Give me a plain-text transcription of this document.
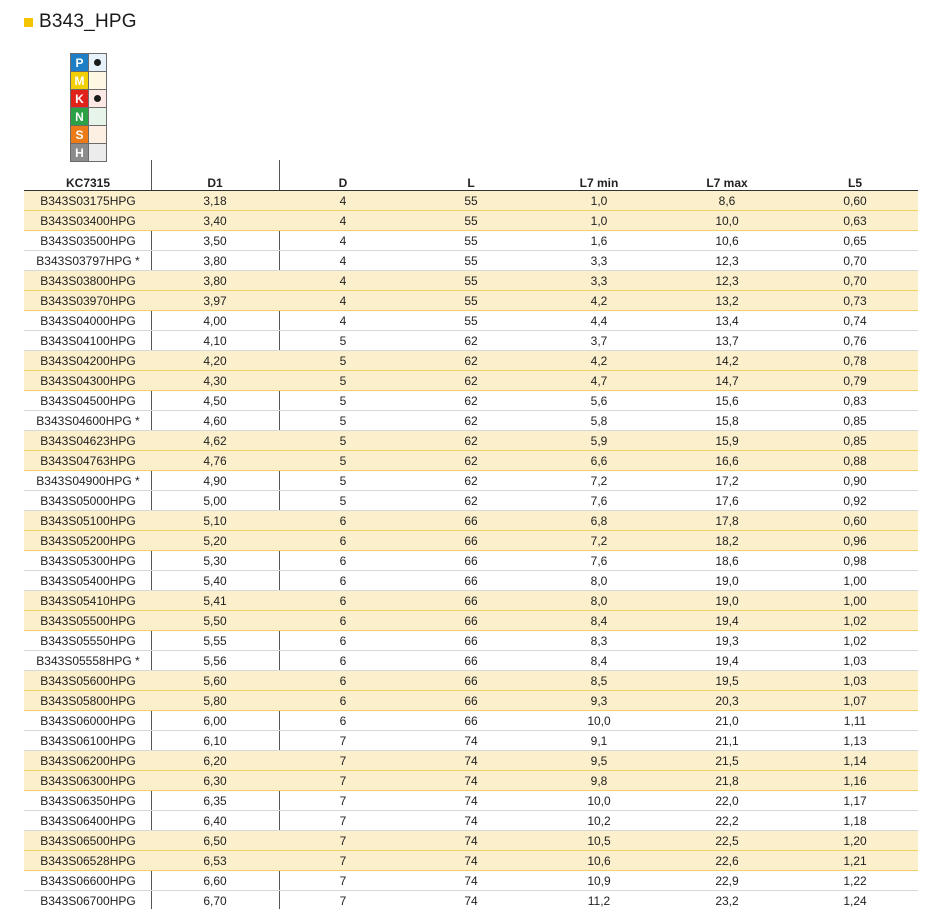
B343_HPG
P
M
K
N
S
H
KC7315	D1	D	L	L7 min	L7 max	L5
B343S03175HPG	3,18	4	55	1,0	8,6	0,60
B343S03400HPG	3,40	4	55	1,0	10,0	0,63
B343S03500HPG	3,50	4	55	1,6	10,6	0,65
B343S03797HPG *	3,80	4	55	3,3	12,3	0,70
B343S03800HPG	3,80	4	55	3,3	12,3	0,70
B343S03970HPG	3,97	4	55	4,2	13,2	0,73
B343S04000HPG	4,00	4	55	4,4	13,4	0,74
B343S04100HPG	4,10	5	62	3,7	13,7	0,76
B343S04200HPG	4,20	5	62	4,2	14,2	0,78
B343S04300HPG	4,30	5	62	4,7	14,7	0,79
B343S04500HPG	4,50	5	62	5,6	15,6	0,83
B343S04600HPG *	4,60	5	62	5,8	15,8	0,85
B343S04623HPG	4,62	5	62	5,9	15,9	0,85
B343S04763HPG	4,76	5	62	6,6	16,6	0,88
B343S04900HPG *	4,90	5	62	7,2	17,2	0,90
B343S05000HPG	5,00	5	62	7,6	17,6	0,92
B343S05100HPG	5,10	6	66	6,8	17,8	0,60
B343S05200HPG	5,20	6	66	7,2	18,2	0,96
B343S05300HPG	5,30	6	66	7,6	18,6	0,98
B343S05400HPG	5,40	6	66	8,0	19,0	1,00
B343S05410HPG	5,41	6	66	8,0	19,0	1,00
B343S05500HPG	5,50	6	66	8,4	19,4	1,02
B343S05550HPG	5,55	6	66	8,3	19,3	1,02
B343S05558HPG *	5,56	6	66	8,4	19,4	1,03
B343S05600HPG	5,60	6	66	8,5	19,5	1,03
B343S05800HPG	5,80	6	66	9,3	20,3	1,07
B343S06000HPG	6,00	6	66	10,0	21,0	1,11
B343S06100HPG	6,10	7	74	9,1	21,1	1,13
B343S06200HPG	6,20	7	74	9,5	21,5	1,14
B343S06300HPG	6,30	7	74	9,8	21,8	1,16
B343S06350HPG	6,35	7	74	10,0	22,0	1,17
B343S06400HPG	6,40	7	74	10,2	22,2	1,18
B343S06500HPG	6,50	7	74	10,5	22,5	1,20
B343S06528HPG	6,53	7	74	10,6	22,6	1,21
B343S06600HPG	6,60	7	74	10,9	22,9	1,22
B343S06700HPG	6,70	7	74	11,2	23,2	1,24
